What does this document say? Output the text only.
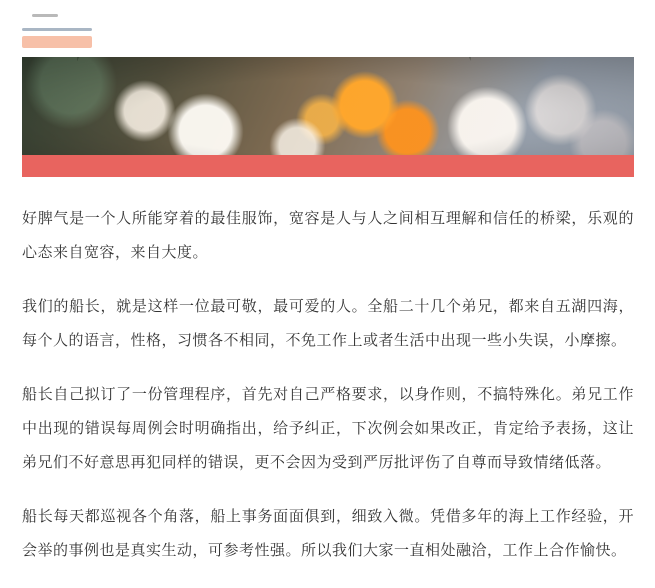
好脾气是一个人所能穿着的最佳服饰，宽容是人与人之间相互理解和信任的桥梁，乐观的心态来自宽容，来自大度。

我们的船长，就是这样一位最可敬，最可爱的人。全船二十几个弟兄，都来自五湖四海，每个人的语言，性格，习惯各不相同，不免工作上或者生活中出现一些小失误，小摩擦。

船长自己拟订了一份管理程序，首先对自己严格要求，以身作则，不搞特殊化。弟兄工作中出现的错误每周例会时明确指出，给予纠正，下次例会如果改正，肯定给予表扬，这让弟兄们不好意思再犯同样的错误，更不会因为受到严厉批评伤了自尊而导致情绪低落。

船长每天都巡视各个角落，船上事务面面俱到，细致入微。凭借多年的海上工作经验，开会举的事例也是真实生动，可参考性强。所以我们大家一直相处融洽，工作上合作愉快。
